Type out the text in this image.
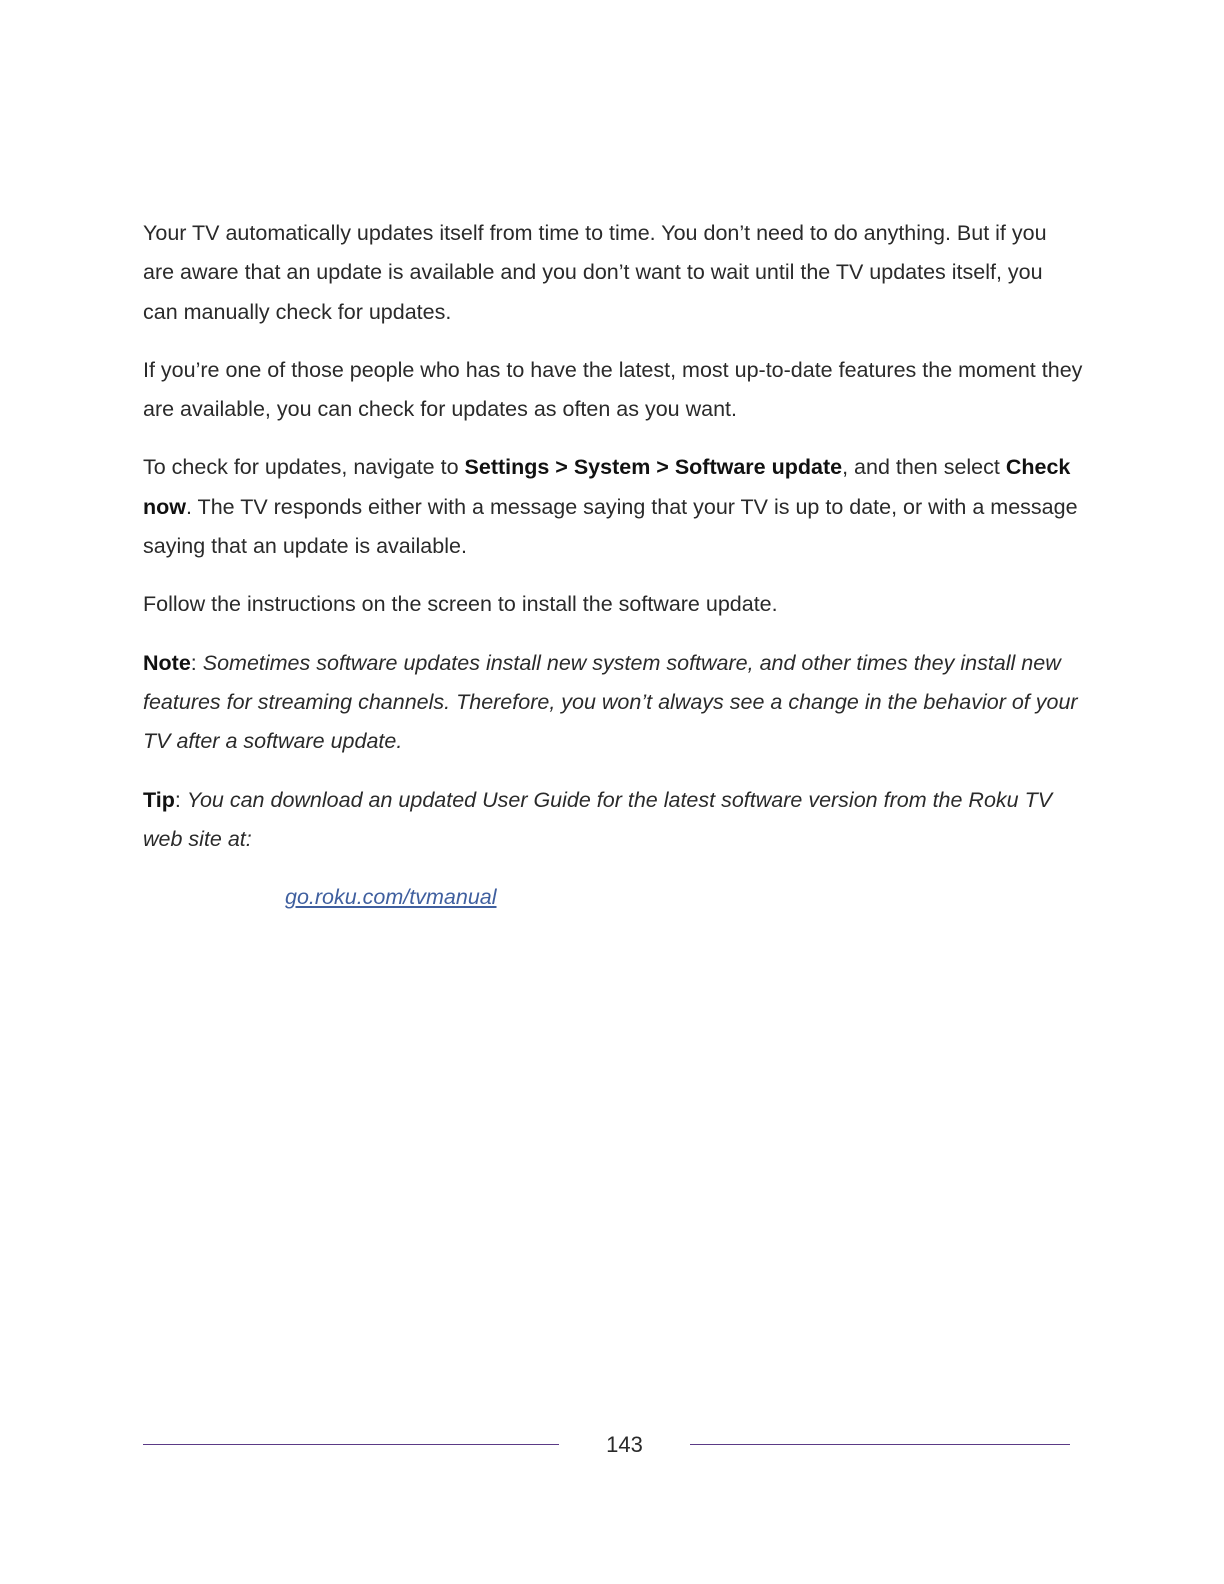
Your TV automatically updates itself from time to time. You don’t need to do anything. But if you are aware that an update is available and you don’t want to wait until the TV updates itself, you can manually check for updates.

If you’re one of those people who has to have the latest, most up-to-date features the moment they are available, you can check for updates as often as you want.

To check for updates, navigate to Settings > System > Software update, and then select Check now. The TV responds either with a message saying that your TV is up to date, or with a message saying that an update is available.

Follow the instructions on the screen to install the software update.

Note: Sometimes software updates install new system software, and other times they install new features for streaming channels. Therefore, you won’t always see a change in the behavior of your TV after a software update.

Tip: You can download an updated User Guide for the latest software version from the Roku TV web site at:

go.roku.com/tvmanual

143
